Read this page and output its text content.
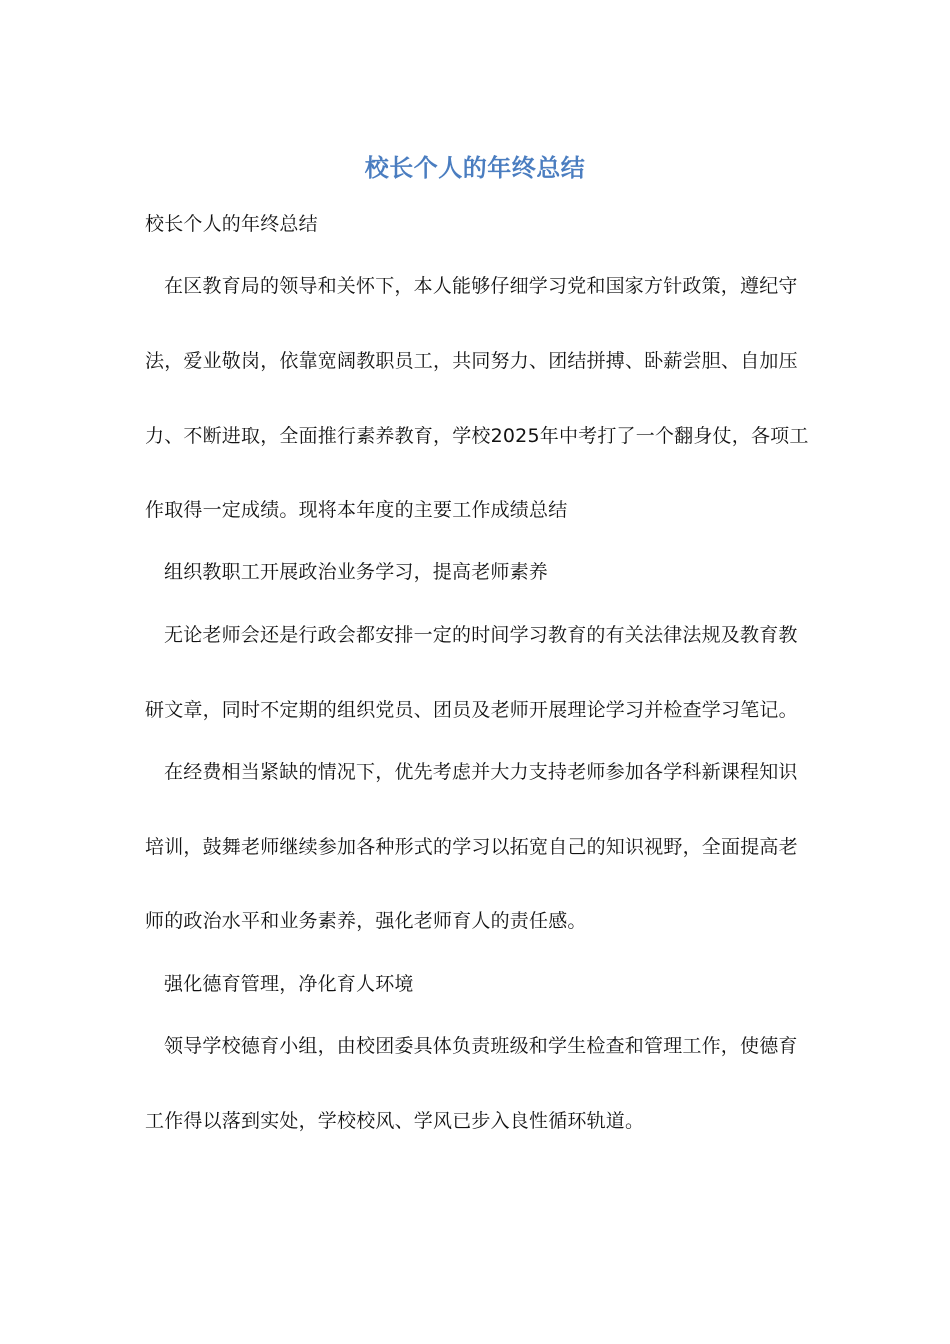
校长个人的年终总结
校长个人的年终总结
在区教育局的领导和关怀下，本人能够仔细学习党和国家方针政策，遵纪守
法，爱业敬岗，依靠宽阔教职员工，共同努力、团结拼搏、卧薪尝胆、自加压
力、不断进取，全面推行素养教育，学校2025年中考打了一个翻身仗，各项工
作取得一定成绩。现将本年度的主要工作成绩总结
组织教职工开展政治业务学习，提高老师素养
无论老师会还是行政会都安排一定的时间学习教育的有关法律法规及教育教
研文章，同时不定期的组织党员、团员及老师开展理论学习并检查学习笔记。
在经费相当紧缺的情况下，优先考虑并大力支持老师参加各学科新课程知识
培训，鼓舞老师继续参加各种形式的学习以拓宽自己的知识视野，全面提高老
师的政治水平和业务素养，强化老师育人的责任感。
强化德育管理，净化育人环境
领导学校德育小组，由校团委具体负责班级和学生检查和管理工作，使德育
工作得以落到实处，学校校风、学风已步入良性循环轨道。
